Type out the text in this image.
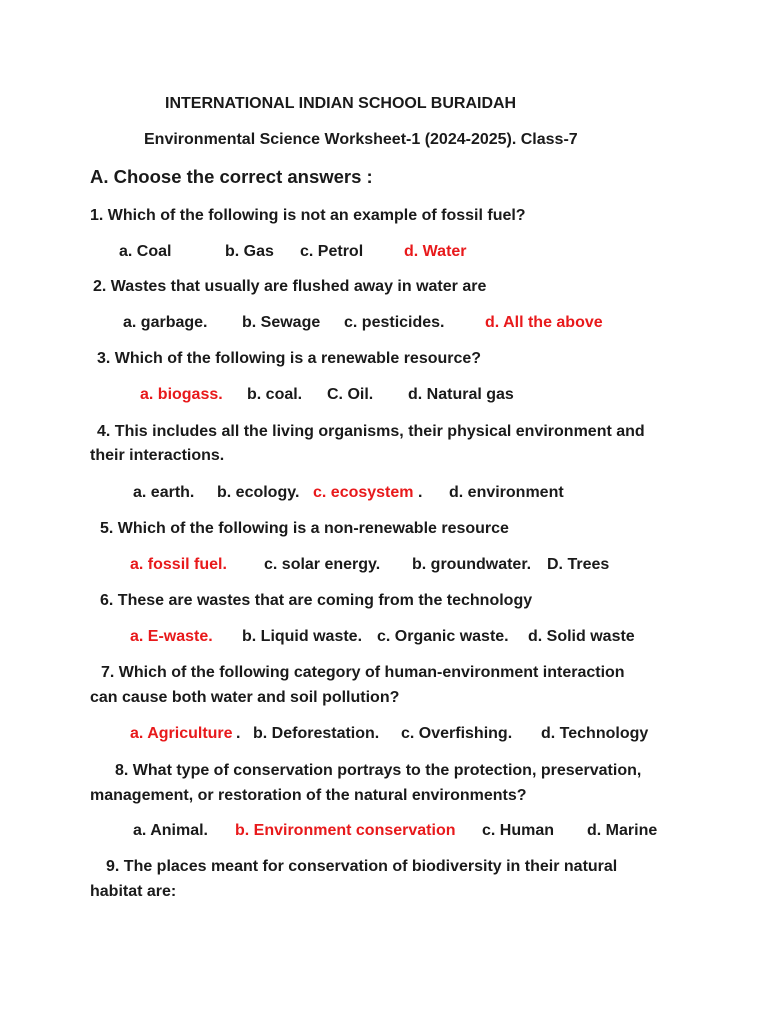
INTERNATIONAL INDIAN SCHOOL BURAIDAH
Environmental Science Worksheet-1 (2024-2025). Class-7
A. Choose the correct answers :
1. Which of the following is not an example of fossil fuel?
a. Coal	b. Gas c. Petrol	d. Water
2. Wastes that usually are flushed away in water are
a. garbage. b. Sewage c. pesticides.	d. All the above
3. Which of the following is a renewable resource?
a. biogass. b. coal. C. Oil. d. Natural gas
4. This includes all the living organisms, their physical environment and
their interactions.
a. earth. b. ecology. c. ecosystem . d. environment
5. Which of the following is a non-renewable resource
a. fossil fuel. c. solar energy. b. groundwater. D. Trees
6. These are wastes that are coming from the technology
a. E-waste. b. Liquid waste. c. Organic waste. d. Solid waste
7. Which of the following category of human-environment interaction
can cause both water and soil pollution?
a. Agriculture . b. Deforestation. c. Overfishing. d. Technology
8. What type of conservation portrays to the protection, preservation,
management, or restoration of the natural environments?
a. Animal. b. Environment conservation c. Human d. Marine
9. The places meant for conservation of biodiversity in their natural
habitat are:
